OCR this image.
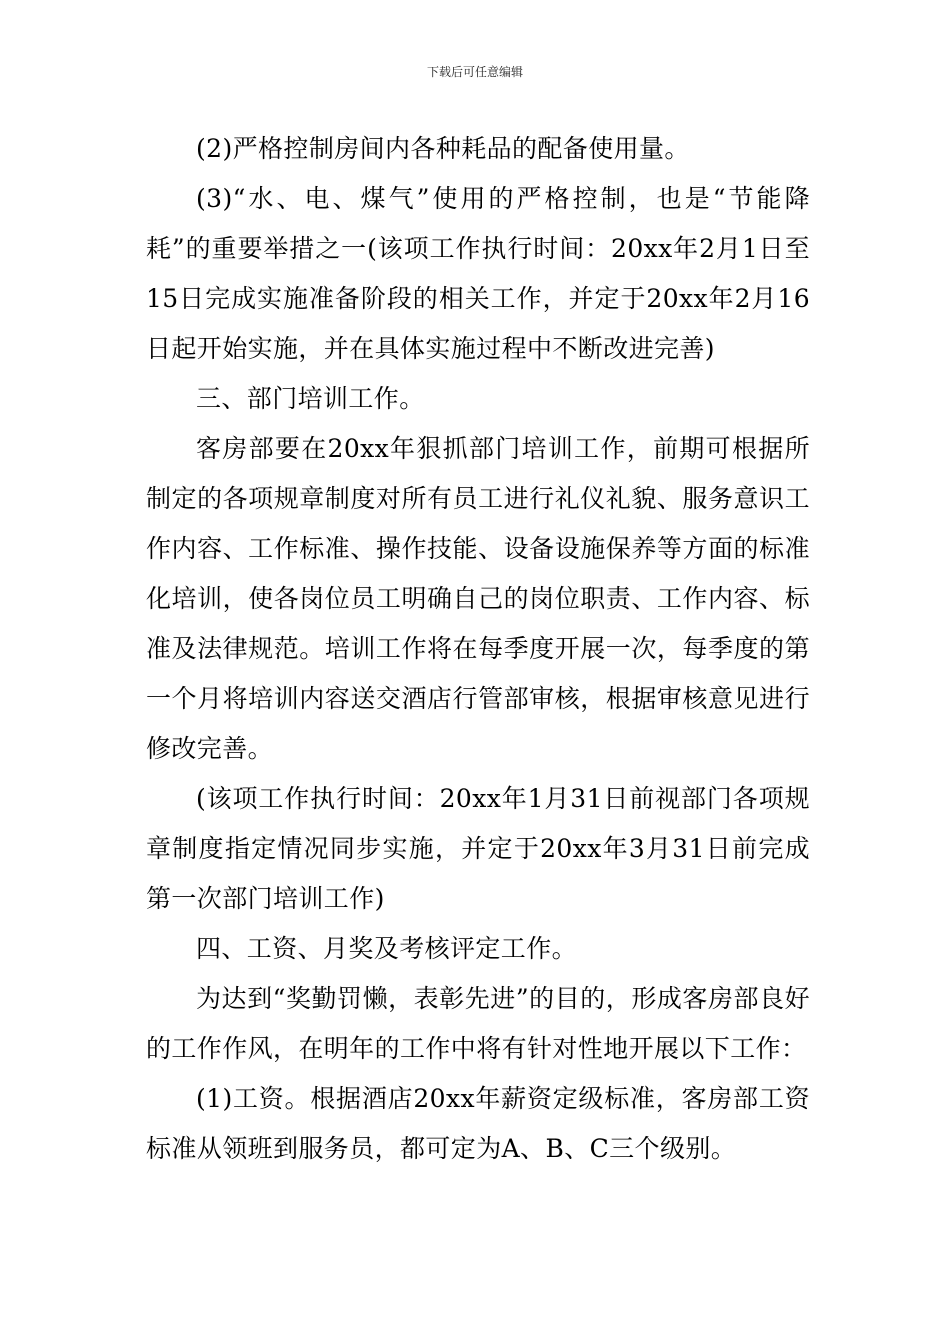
下载后可任意编辑

(2)严格控制房间内各种耗品的配备使用量。

(3)“水、电、煤气”使用的严格控制，也是“节能降耗”的重要举措之一(该项工作执行时间：20xx年2月1日至15日完成实施准备阶段的相关工作，并定于20xx年2月16日起开始实施，并在具体实施过程中不断改进完善)

三、部门培训工作。

客房部要在20xx年狠抓部门培训工作，前期可根据所制定的各项规章制度对所有员工进行礼仪礼貌、服务意识工作内容、工作标准、操作技能、设备设施保养等方面的标准化培训，使各岗位员工明确自己的岗位职责、工作内容、标准及法律规范。培训工作将在每季度开展一次，每季度的第一个月将培训内容送交酒店行管部审核，根据审核意见进行修改完善。

(该项工作执行时间：20xx年1月31日前视部门各项规章制度指定情况同步实施，并定于20xx年3月31日前完成第一次部门培训工作)

四、工资、月奖及考核评定工作。

为达到“奖勤罚懒，表彰先进”的目的，形成客房部良好的工作作风，在明年的工作中将有针对性地开展以下工作：

(1)工资。根据酒店20xx年薪资定级标准，客房部工资标准从领班到服务员，都可定为A、B、C三个级别。
